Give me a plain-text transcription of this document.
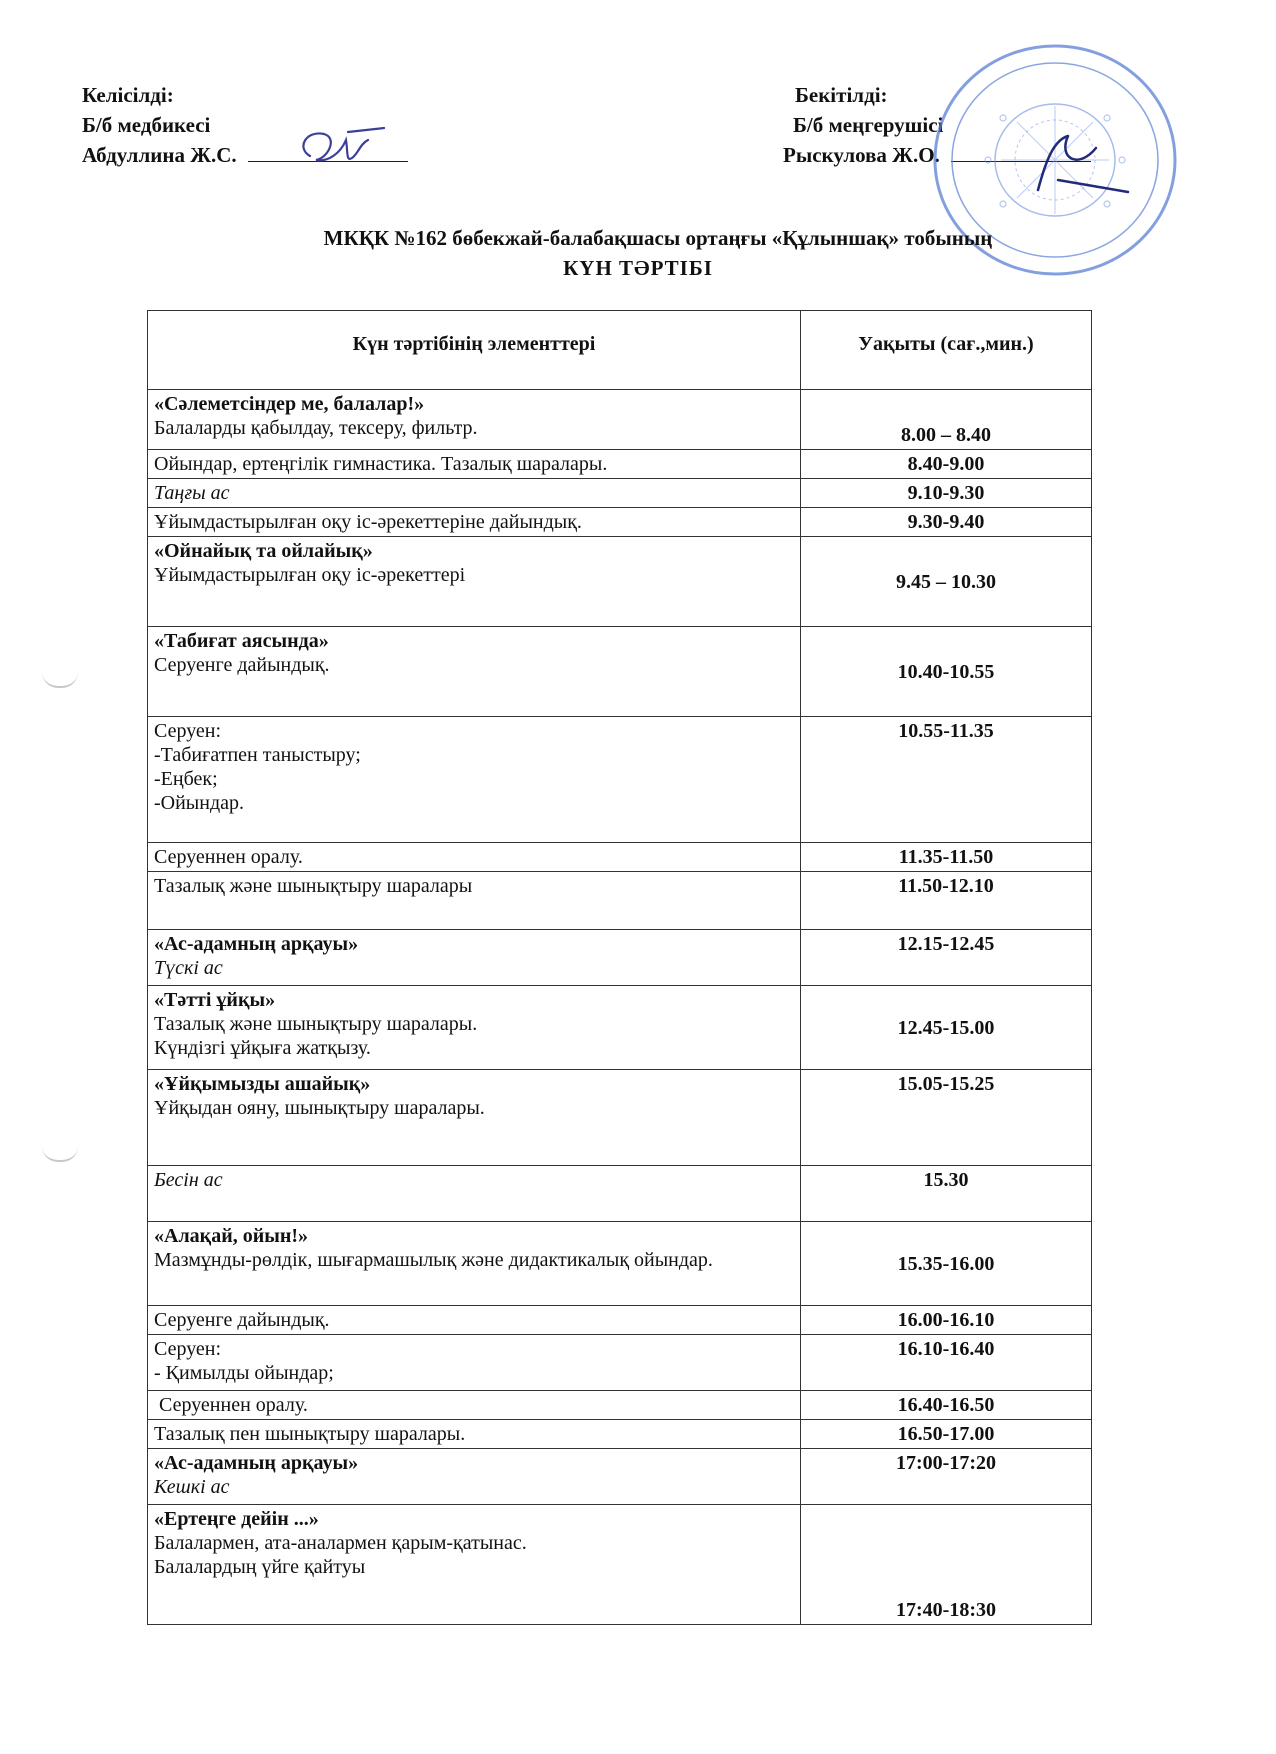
Келісілді:
Б/б медбикесі
Абдуллина Ж.С.
Бекітілді:
Б/б меңгерушісі
Рыскулова Ж.О.
МКҚК №162 бөбекжай-балабақшасы ортаңғы «Құлыншақ» тобының
КҮН ТӘРТІБІ
Күн тәртібінің элементтері	Уақыты (сағ.,мин.)

«Сәлеметсіндер ме, балалар!»
Балаларды қабылдау, тексеру, фильтр.	8.00 – 8.40

Ойындар, ертеңгілік гимнастика. Тазалық шаралары.	8.40-9.00

Таңғы ас	9.10-9.30

Ұйымдастырылған оқу іс-әрекеттеріне дайындық.	9.30-9.40

«Ойнайық та ойлайық»
Ұйымдастырылған оқу іс-әрекеттері	9.45 – 10.30

«Табиғат аясында»
Серуенге дайындық.	10.40-10.55

Серуен:
-Табиғатпен таныстыру;
-Еңбек;
-Ойындар.	10.55-11.35

Серуеннен оралу.	11.35-11.50

Тазалық және шынықтыру шаралары	11.50-12.10

«Ас-адамның арқауы»
Түскі ас	12.15-12.45

«Тәтті ұйқы»
Тазалық және шынықтыру шаралары.
Күндізгі ұйқыға жатқызу.	12.45-15.00

«Ұйқымызды ашайық»
Ұйқыдан ояну, шынықтыру шаралары.	15.05-15.25

Бесін ас	15.30

«Алақай, ойын!»
Мазмұнды-рөлдік, шығармашылық және дидактикалық ойындар.	15.35-16.00

Серуенге дайындық.	16.00-16.10

Серуен:
- Қимылды ойындар;	16.10-16.40

Серуеннен оралу.	16.40-16.50

Тазалық пен шынықтыру шаралары.	16.50-17.00

«Ас-адамның арқауы»
Кешкі ас	17:00-17:20

«Ертеңге дейін ...»
Балалармен, ата-аналармен қарым-қатынас.
Балалардың үйге қайтуы	17:40-18:30
